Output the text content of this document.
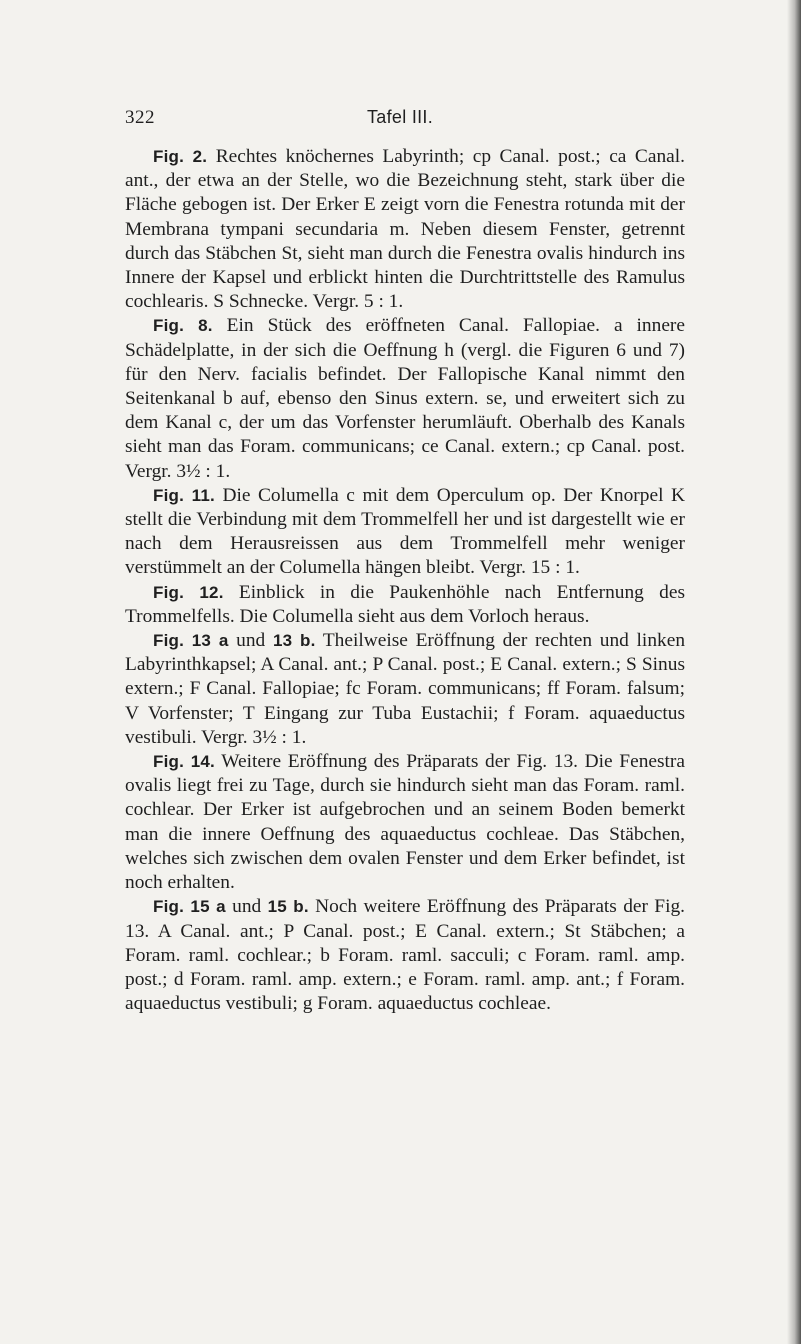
322	Tafel III.

Fig. 2. Rechtes knöchernes Labyrinth; cp Canal. post.; ca Canal. ant., der etwa an der Stelle, wo die Bezeichnung steht, stark über die Fläche gebogen ist. Der Erker E zeigt vorn die Fenestra rotunda mit der Membrana tympani secundaria m. Neben diesem Fenster, getrennt durch das Stäbchen St, sieht man durch die Fenestra ovalis hindurch ins Innere der Kapsel und erblickt hinten die Durchtrittstelle des Ramulus cochlearis. S Schnecke. Vergr. 5 : 1.

Fig. 8. Ein Stück des eröffneten Canal. Fallopiae. a innere Schädelplatte, in der sich die Oeffnung h (vergl. die Figuren 6 und 7) für den Nerv. facialis befindet. Der Fallopische Kanal nimmt den Seitenkanal b auf, ebenso den Sinus extern. se, und erweitert sich zu dem Kanal c, der um das Vorfenster herumläuft. Oberhalb des Kanals sieht man das Foram. communicans; ce Canal. extern.; cp Canal. post. Vergr. 3½ : 1.

Fig. 11. Die Columella c mit dem Operculum op. Der Knorpel K stellt die Verbindung mit dem Trommelfell her und ist dargestellt wie er nach dem Herausreissen aus dem Trommelfell mehr weniger verstümmelt an der Columella hängen bleibt. Vergr. 15 : 1.

Fig. 12. Einblick in die Paukenhöhle nach Entfernung des Trommelfells. Die Columella sieht aus dem Vorloch heraus.

Fig. 13 a und 13 b. Theilweise Eröffnung der rechten und linken Labyrinthkapsel; A Canal. ant.; P Canal. post.; E Canal. extern.; S Sinus extern.; F Canal. Fallopiae; fc Foram. communicans; ff Foram. falsum; V Vorfenster; T Eingang zur Tuba Eustachii; f Foram. aquaeductus vestibuli. Vergr. 3½ : 1.

Fig. 14. Weitere Eröffnung des Präparats der Fig. 13. Die Fenestra ovalis liegt frei zu Tage, durch sie hindurch sieht man das Foram. raml. cochlear. Der Erker ist aufgebrochen und an seinem Boden bemerkt man die innere Oeffnung des aquaeductus cochleae. Das Stäbchen, welches sich zwischen dem ovalen Fenster und dem Erker befindet, ist noch erhalten.

Fig. 15 a und 15 b. Noch weitere Eröffnung des Präparats der Fig. 13. A Canal. ant.; P Canal. post.; E Canal. extern.; St Stäbchen; a Foram. raml. cochlear.; b Foram. raml. sacculi; c Foram. raml. amp. post.; d Foram. raml. amp. extern.; e Foram. raml. amp. ant.; f Foram. aquaeductus vestibuli; g Foram. aquaeductus cochleae.
